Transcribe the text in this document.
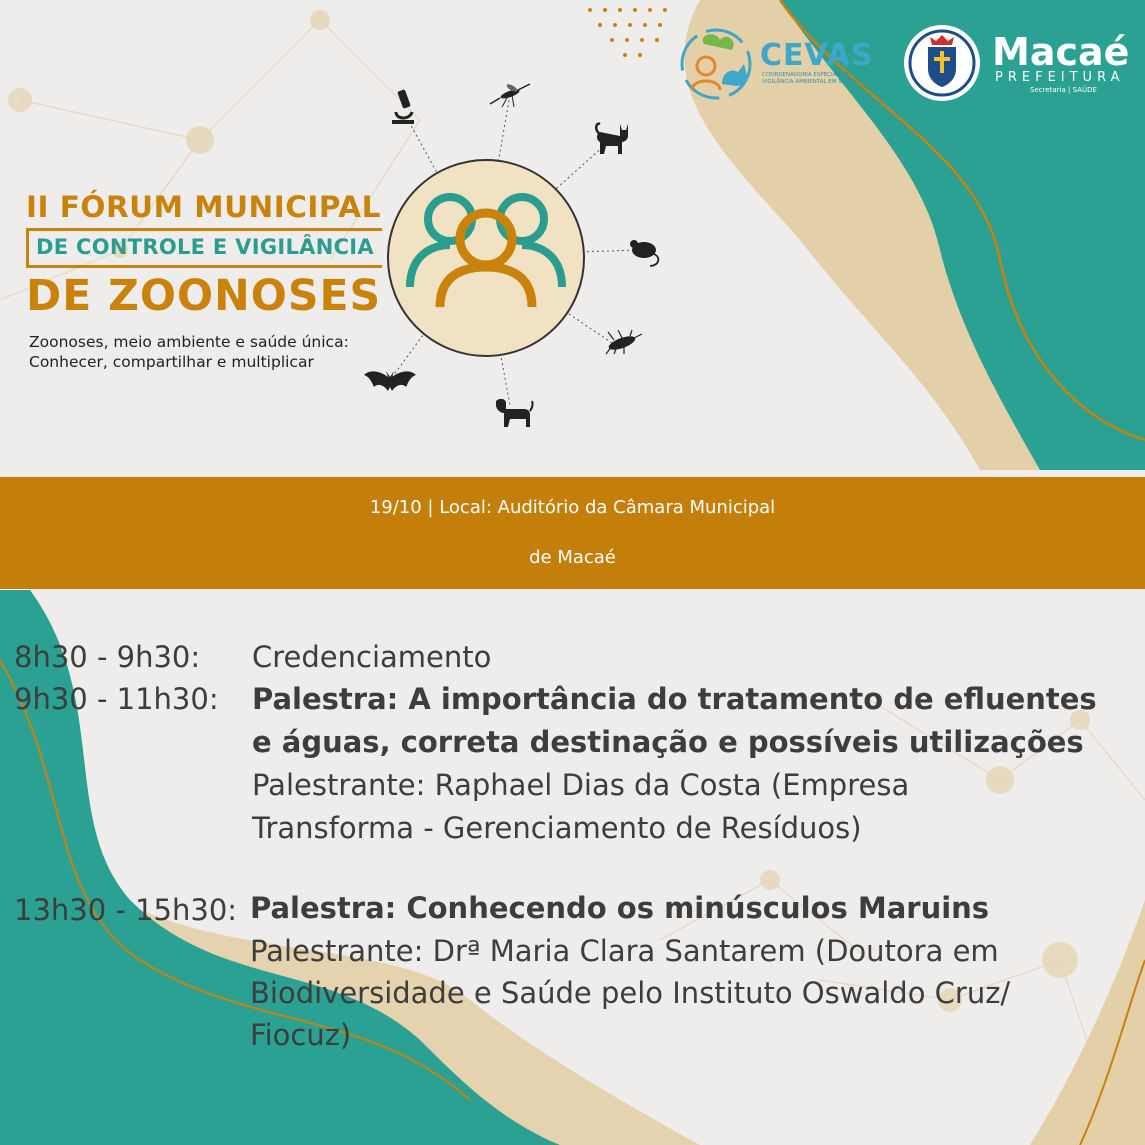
II FÓRUM MUNICIPAL
DE CONTROLE E VIGILÂNCIA
DE ZOONOSES
Zoonoses, meio ambiente e saúde única:
Conhecer, compartilhar e multiplicar
CEVAS
COORDENADORIA ESPECIAL DE VIGILÂNCIA AMBIENTAL EM SAÚDE
Macaé
PREFEITURA
Secretaria | SAÚDE
19/10 | Local: Auditório da Câmara Municipal
de Macaé
8h30 - 9h30: Credenciamento
9h30 - 11h30: Palestra: A importância do tratamento de efluentes
e águas, correta destinação e possíveis utilizações
Palestrante: Raphael Dias da Costa (Empresa
Transforma - Gerenciamento de Resíduos)
13h30 - 15h30: Palestra: Conhecendo os minúsculos Maruins
Palestrante: Drª Maria Clara Santarem (Doutora em
Biodiversidade e Saúde pelo Instituto Oswaldo Cruz/
Fiocuz)
